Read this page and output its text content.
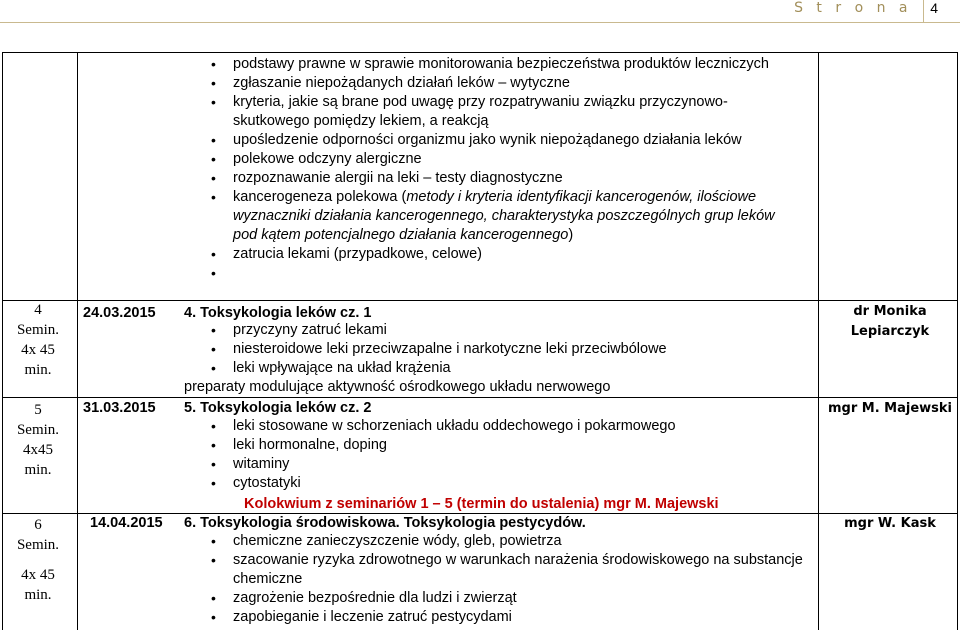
S t r o n a 4
• podstawy prawne w sprawie monitorowania bezpieczeństwa produktów leczniczych
• zgłaszanie niepożądanych działań leków – wytyczne
• kryteria, jakie są brane pod uwagę przy rozpatrywaniu związku przyczynowo-skutkowego pomiędzy lekiem, a reakcją
• upośledzenie odporności organizmu jako wynik niepożądanego działania leków
• polekowe odczyny alergiczne
• rozpoznawanie alergii na leki – testy diagnostyczne
• kancerogeneza polekowa (metody i kryteria identyfikacji kancerogenów, ilościowe wyznaczniki działania kancerogennego, charakterystyka poszczególnych grup leków pod kątem potencjalnego działania kancerogennego)
• zatrucia lekami (przypadkowe, celowe)
•
4
Semin.
4x 45
min.
24.03.2015 4. Toksykologia leków cz. 1
• przyczyny zatruć lekami
• niesteroidowe leki przeciwzapalne i narkotyczne leki przeciwbólowe
• leki wpływające na układ krążenia
preparaty modulujące aktywność ośrodkowego układu nerwowego
dr Monika
Lepiarczyk
5
Semin.
4x45
min.
31.03.2015 5. Toksykologia leków cz. 2
• leki stosowane w schorzeniach układu oddechowego i pokarmowego
• leki hormonalne, doping
• witaminy
• cytostatyki
mgr M. Majewski
Kolokwium z seminariów 1 – 5 (termin do ustalenia) mgr M. Majewski
6
Semin.
4x 45
min.
14.04.2015 6. Toksykologia środowiskowa. Toksykologia pestycydów.
• chemiczne zanieczyszczenie wódy, gleb, powietrza
• szacowanie ryzyka zdrowotnego w warunkach narażenia środowiskowego na substancje chemiczne
• zagrożenie bezpośrednie dla ludzi i zwierząt
• zapobieganie i leczenie zatruć pestycydami
mgr W. Kask
